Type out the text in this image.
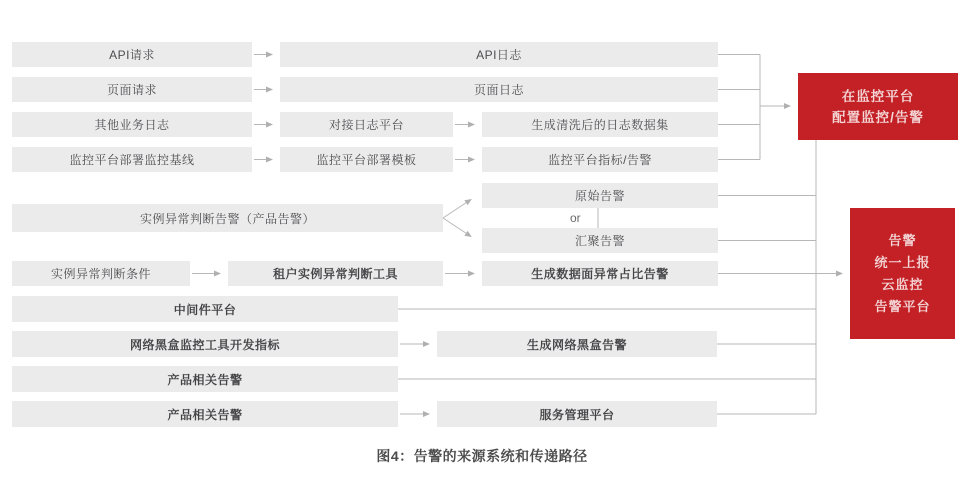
API请求	API日志
页面请求	页面日志
其他业务日志	对接日志平台	生成清洗后的日志数据集
监控平台部署监控基线	监控平台部署模板	监控平台指标/告警
实例异常判断告警（产品告警）
原始告警
or
汇聚告警
实例异常判断条件	租户实例异常判断工具	生成数据面异常占比告警
中间件平台
网络黑盒监控工具开发指标	生成网络黑盒告警
产品相关告警
产品相关告警	服务管理平台
在监控平台
配置监控/告警
告警
统一上报
云监控
告警平台
图4：告警的来源系统和传递路径
